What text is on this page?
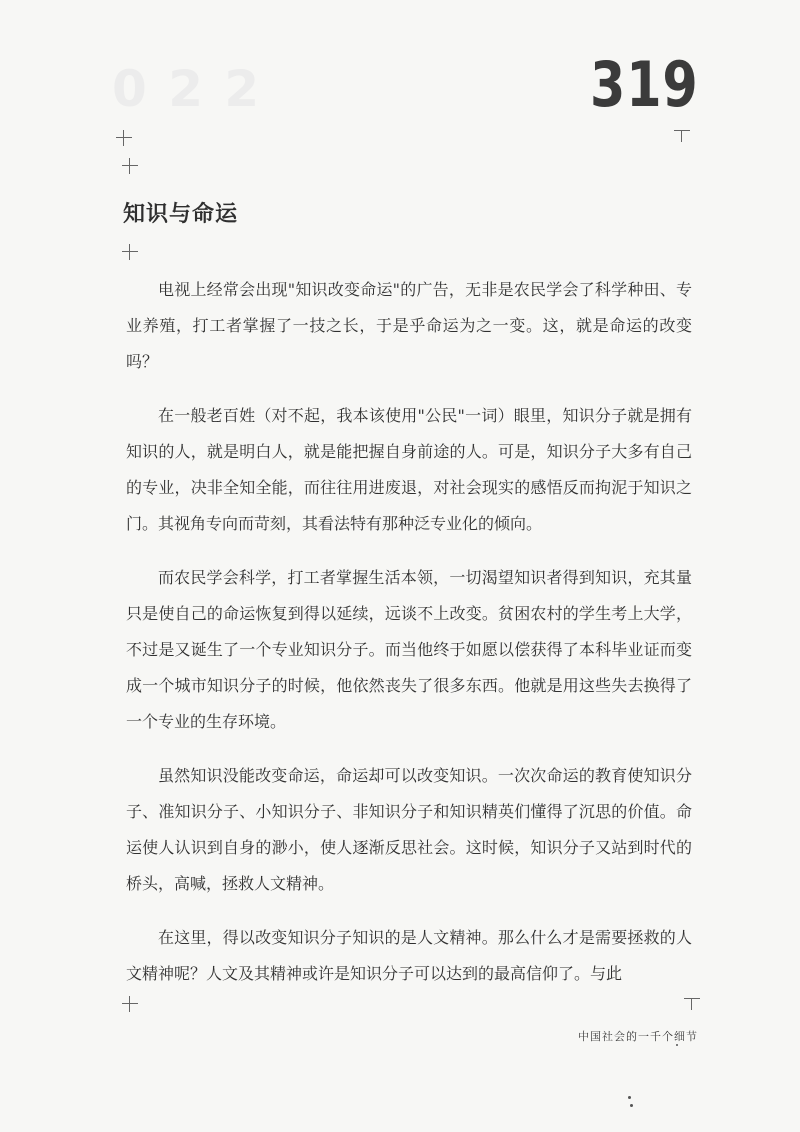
0 2 2	319
知识与命运

电视上经常会出现"知识改变命运"的广告，无非是农民学会了科学种田、专业养殖，打工者掌握了一技之长，于是乎命运为之一变。这，就是命运的改变吗？

在一般老百姓（对不起，我本该使用"公民"一词）眼里，知识分子就是拥有知识的人，就是明白人，就是能把握自身前途的人。可是，知识分子大多有自己的专业，决非全知全能，而往往用进废退，对社会现实的感悟反而拘泥于知识之门。其视角专向而苛刻，其看法特有那种泛专业化的倾向。

而农民学会科学，打工者掌握生活本领，一切渴望知识者得到知识，充其量只是使自己的命运恢复到得以延续，远谈不上改变。贫困农村的学生考上大学，不过是又诞生了一个专业知识分子。而当他终于如愿以偿获得了本科毕业证而变成一个城市知识分子的时候，他依然丧失了很多东西。他就是用这些失去换得了一个专业的生存环境。

虽然知识没能改变命运，命运却可以改变知识。一次次命运的教育使知识分子、准知识分子、小知识分子、非知识分子和知识精英们懂得了沉思的价值。命运使人认识到自身的渺小，使人逐渐反思社会。这时候，知识分子又站到时代的桥头，高喊，拯救人文精神。

在这里，得以改变知识分子知识的是人文精神。那么什么才是需要拯救的人文精神呢？人文及其精神或许是知识分子可以达到的最高信仰了。与此

中国社会的一千个细节
